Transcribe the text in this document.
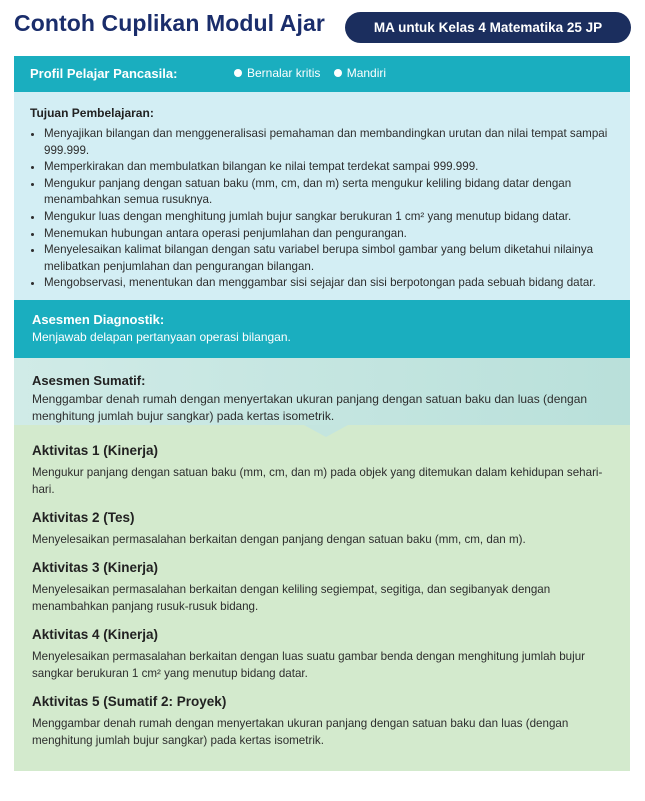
Contoh Cuplikan Modul Ajar	MA untuk Kelas 4 Matematika 25 JP
Profil Pelajar Pancasila:	Bernalar kritis Mandiri
Tujuan Pembelajaran:
• Menyajikan bilangan dan menggeneralisasi pemahaman dan membandingkan urutan dan nilai tempat sampai 999.999.
• Memperkirakan dan membulatkan bilangan ke nilai tempat terdekat sampai 999.999.
• Mengukur panjang dengan satuan baku (mm, cm, dan m) serta mengukur keliling bidang datar dengan menambahkan semua rusuknya.
• Mengukur luas dengan menghitung jumlah bujur sangkar berukuran 1 cm² yang menutup bidang datar.
• Menemukan hubungan antara operasi penjumlahan dan pengurangan.
• Menyelesaikan kalimat bilangan dengan satu variabel berupa simbol gambar yang belum diketahui nilainya melibatkan penjumlahan dan pengurangan bilangan.
• Mengobservasi, menentukan dan menggambar sisi sejajar dan sisi berpotongan pada sebuah bidang datar.
Asesmen Diagnostik:

Menjawab delapan pertanyaan operasi bilangan.

Asesmen Sumatif:

Menggambar denah rumah dengan menyertakan ukuran panjang dengan satuan baku dan luas (dengan menghitung jumlah bujur sangkar) pada kertas isometrik.

Aktivitas 1 (Kinerja)

Mengukur panjang dengan satuan baku (mm, cm, dan m) pada objek yang ditemukan dalam kehidupan sehari-hari.

Aktivitas 2 (Tes)

Menyelesaikan permasalahan berkaitan dengan panjang dengan satuan baku (mm, cm, dan m).

Aktivitas 3 (Kinerja)

Menyelesaikan permasalahan berkaitan dengan keliling segiempat, segitiga, dan segibanyak dengan menambahkan panjang rusuk-rusuk bidang.

Aktivitas 4 (Kinerja)

Menyelesaikan permasalahan berkaitan dengan luas suatu gambar benda dengan menghitung jumlah bujur sangkar berukuran 1 cm² yang menutup bidang datar.

Aktivitas 5 (Sumatif 2: Proyek)

Menggambar denah rumah dengan menyertakan ukuran panjang dengan satuan baku dan luas (dengan menghitung jumlah bujur sangkar) pada kertas isometrik.
